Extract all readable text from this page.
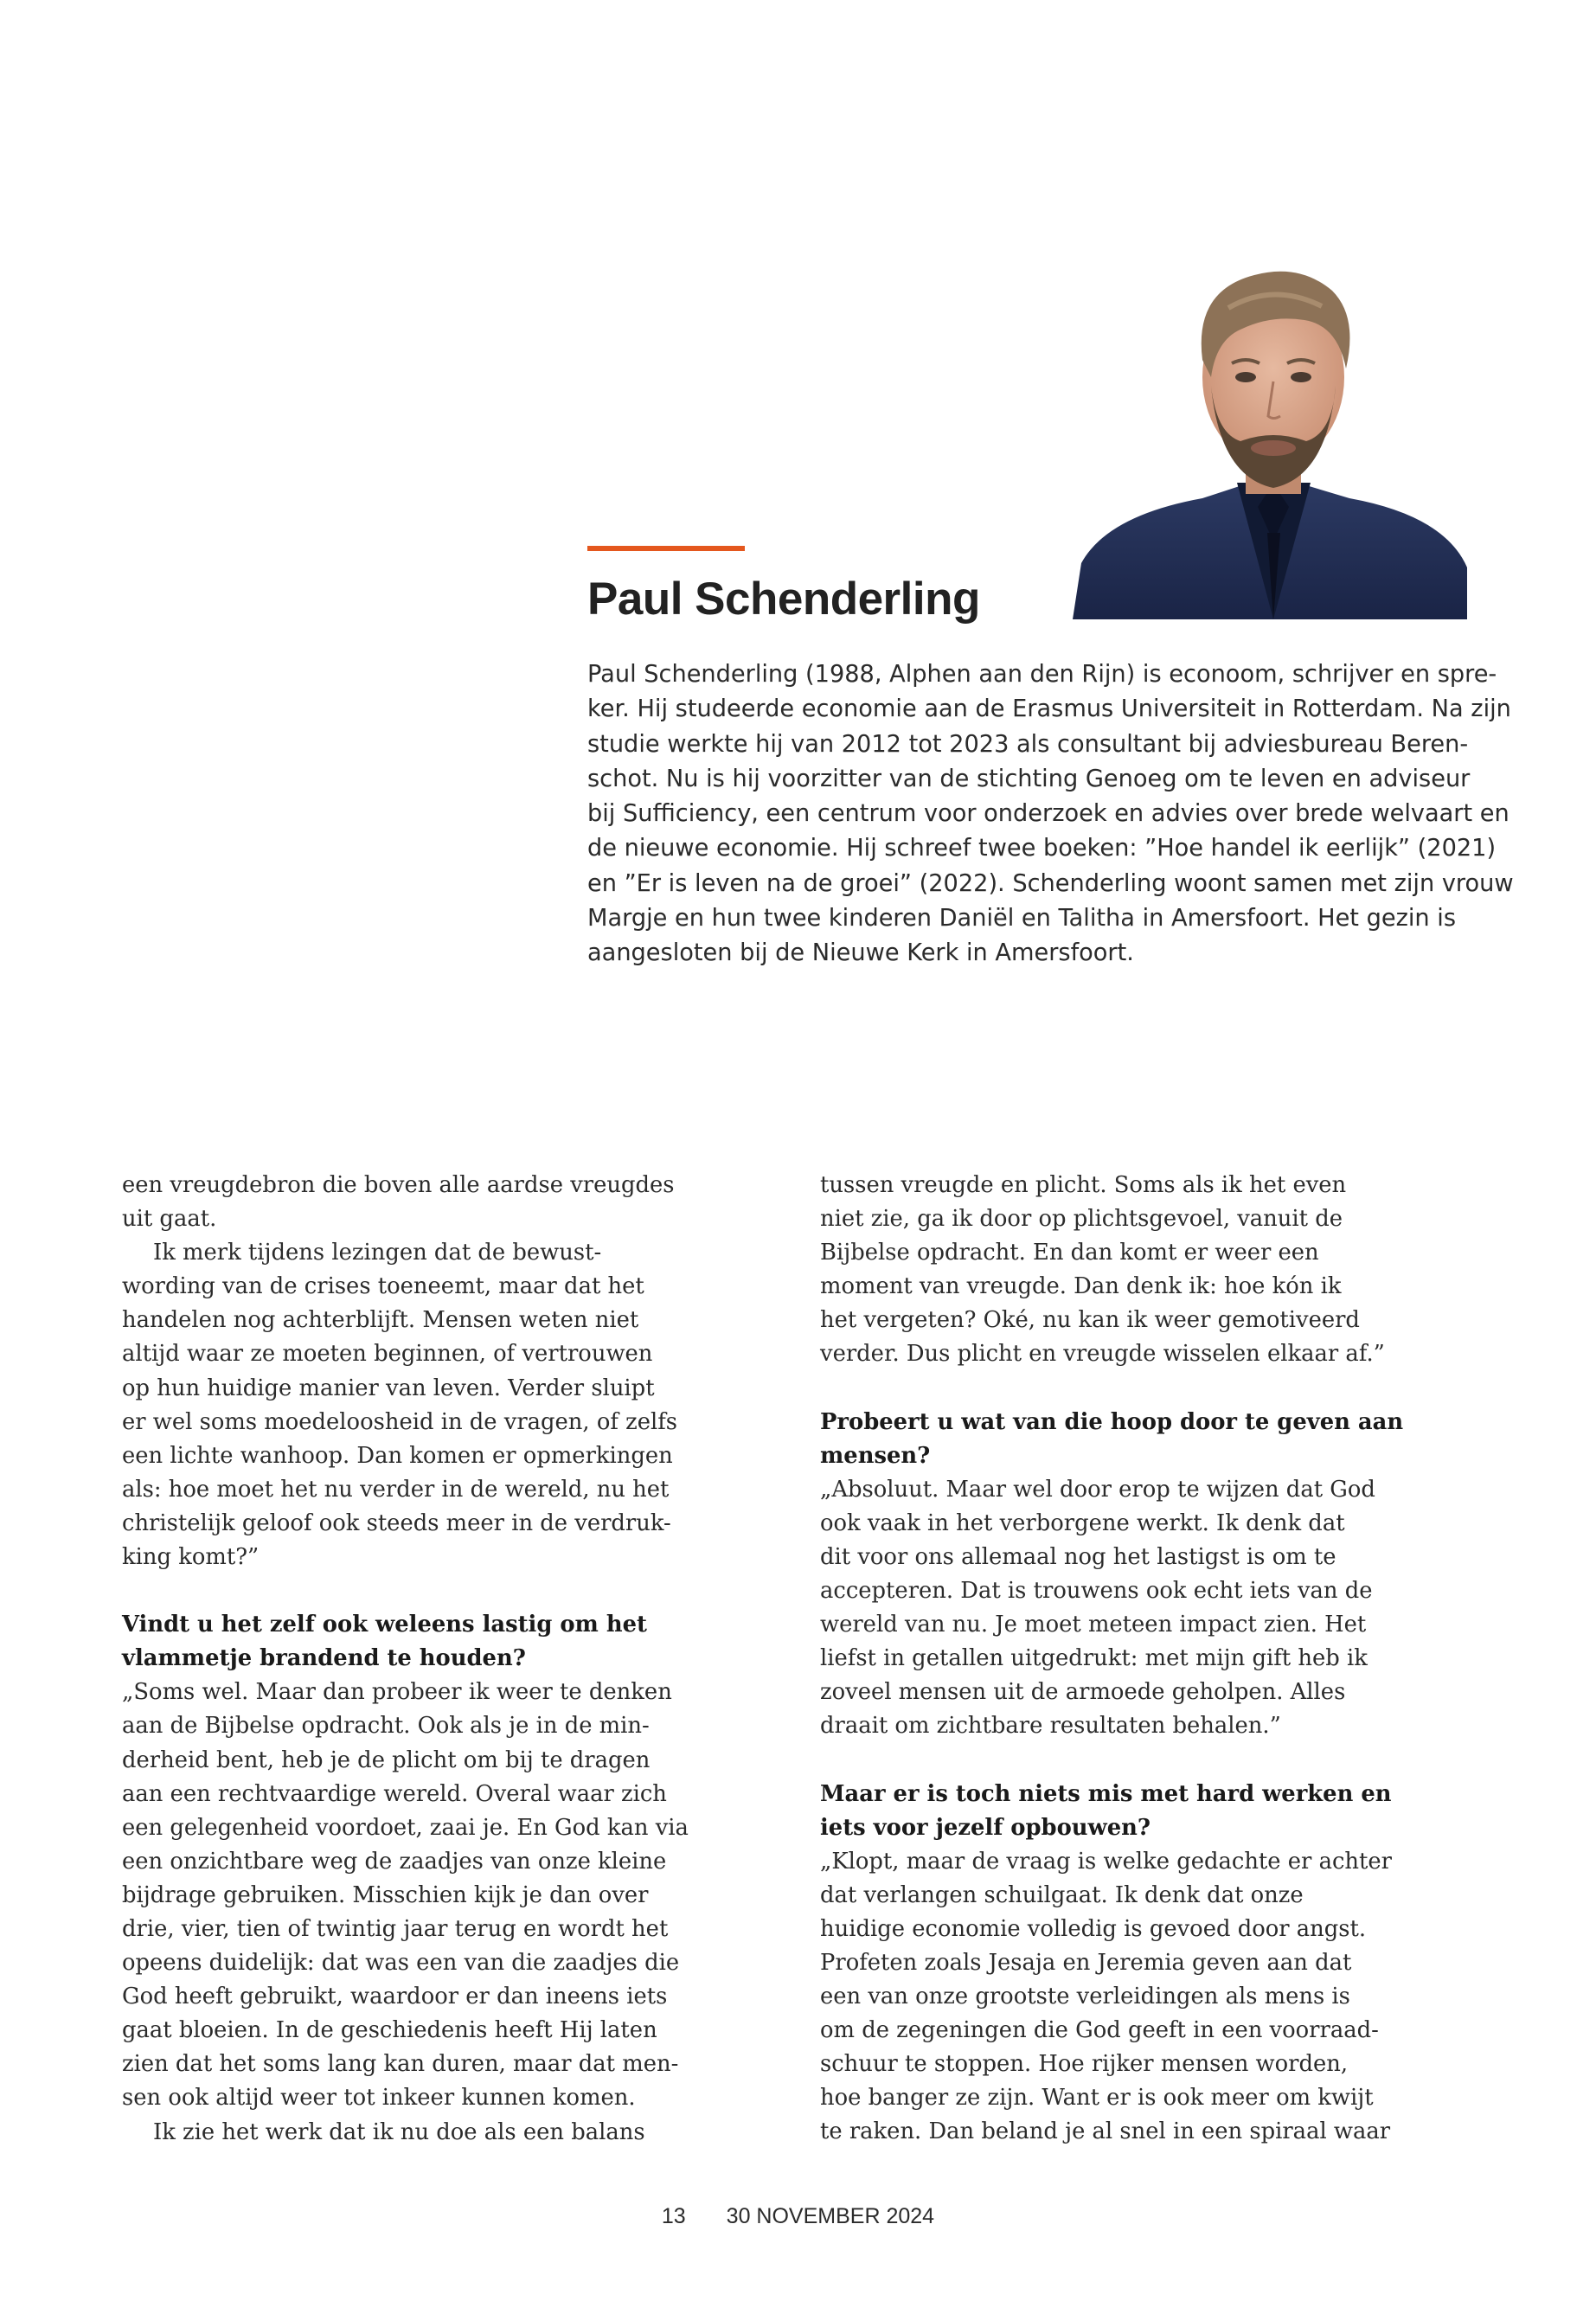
Paul Schenderling
Paul Schenderling (1988, Alphen aan den Rijn) is econoom, schrijver en spre-
ker. Hij studeerde economie aan de Erasmus Universiteit in Rotterdam. Na zijn
studie werkte hij van 2012 tot 2023 als consultant bij adviesbureau Beren-
schot. Nu is hij voorzitter van de stichting Genoeg om te leven en adviseur
bij Sufficiency, een centrum voor onderzoek en advies over brede welvaart en
de nieuwe economie. Hij schreef twee boeken: ”Hoe handel ik eerlijk” (2021)
en ”Er is leven na de groei” (2022). Schenderling woont samen met zijn vrouw
Margje en hun twee kinderen Daniël en Talitha in Amersfoort. Het gezin is
aangesloten bij de Nieuwe Kerk in Amersfoort.
een vreugdebron die boven alle aardse vreugdes
uit gaat.
Ik merk tijdens lezingen dat de bewust-
wording van de crises toeneemt, maar dat het
handelen nog achterblijft. Mensen weten niet
altijd waar ze moeten beginnen, of vertrouwen
op hun huidige manier van leven. Verder sluipt
er wel soms moedeloosheid in de vragen, of zelfs
een lichte wanhoop. Dan komen er opmerkingen
als: hoe moet het nu verder in de wereld, nu het
christelijk geloof ook steeds meer in de verdruk-
king komt?”
Vindt u het zelf ook weleens lastig om het
vlammetje brandend te houden?
„Soms wel. Maar dan probeer ik weer te denken
aan de Bijbelse opdracht. Ook als je in de min-
derheid bent, heb je de plicht om bij te dragen
aan een rechtvaardige wereld. Overal waar zich
een gelegenheid voordoet, zaai je. En God kan via
een onzichtbare weg de zaadjes van onze kleine
bijdrage gebruiken. Misschien kijk je dan over
drie, vier, tien of twintig jaar terug en wordt het
opeens duidelijk: dat was een van die zaadjes die
God heeft gebruikt, waardoor er dan ineens iets
gaat bloeien. In de geschiedenis heeft Hij laten
zien dat het soms lang kan duren, maar dat men-
sen ook altijd weer tot inkeer kunnen komen.
Ik zie het werk dat ik nu doe als een balans
tussen vreugde en plicht. Soms als ik het even
niet zie, ga ik door op plichtsgevoel, vanuit de
Bijbelse opdracht. En dan komt er weer een
moment van vreugde. Dan denk ik: hoe kón ik
het vergeten? Oké, nu kan ik weer gemotiveerd
verder. Dus plicht en vreugde wisselen elkaar af.”
Probeert u wat van die hoop door te geven aan
mensen?
„Absoluut. Maar wel door erop te wijzen dat God
ook vaak in het verborgene werkt. Ik denk dat
dit voor ons allemaal nog het lastigst is om te
accepteren. Dat is trouwens ook echt iets van de
wereld van nu. Je moet meteen impact zien. Het
liefst in getallen uitgedrukt: met mijn gift heb ik
zoveel mensen uit de armoede geholpen. Alles
draait om zichtbare resultaten behalen.”
Maar er is toch niets mis met hard werken en
iets voor jezelf opbouwen?
„Klopt, maar de vraag is welke gedachte er achter
dat verlangen schuilgaat. Ik denk dat onze
huidige economie volledig is gevoed door angst.
Profeten zoals Jesaja en Jeremia geven aan dat
een van onze grootste verleidingen als mens is
om de zegeningen die God geeft in een voorraad-
schuur te stoppen. Hoe rijker mensen worden,
hoe banger ze zijn. Want er is ook meer om kwijt
te raken. Dan beland je al snel in een spiraal waar
13 30 NOVEMBER 2024
